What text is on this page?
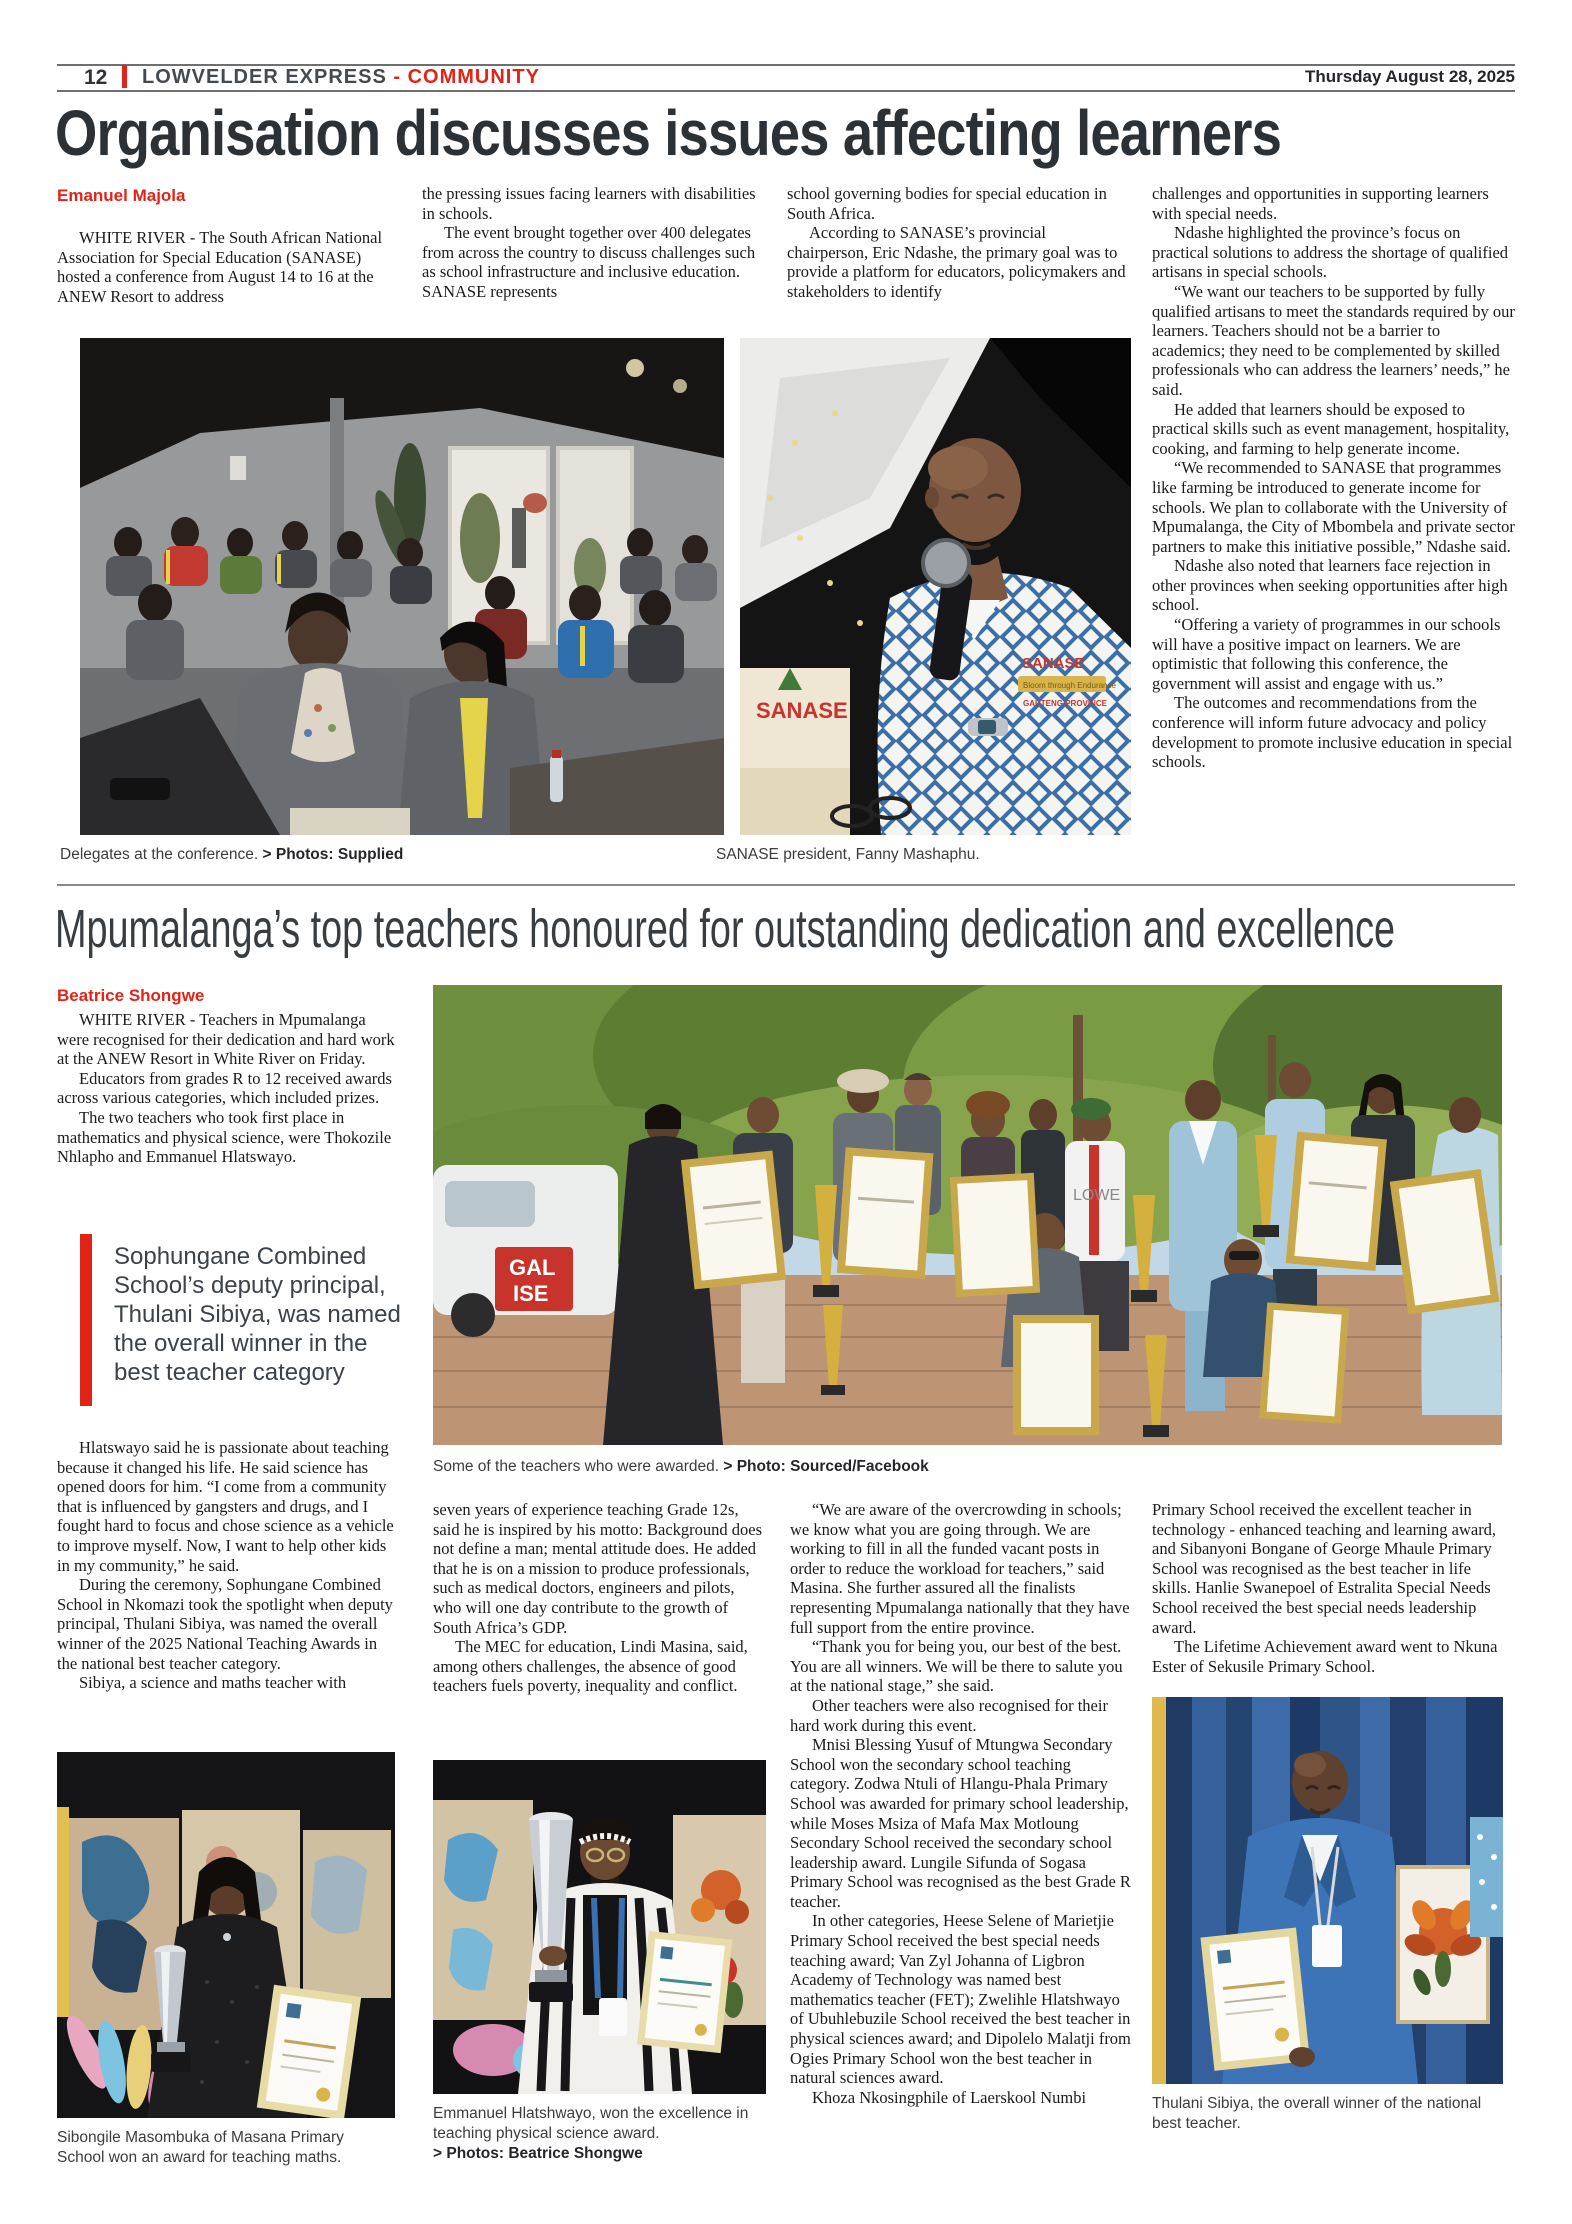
12 LOWVELDER EXPRESS - COMMUNITY	Thursday August 28, 2025
Organisation discusses issues affecting learners
Emanuel Majola

WHITE RIVER - The South African National Association for Special Education (SANASE) hosted a conference from August 14 to 16 at the ANEW Resort to address

the pressing issues facing learners with disabilities in schools.

The event brought together over 400 delegates from across the country to discuss challenges such as school infrastructure and inclusive education. SANASE represents

school governing bodies for special education in South Africa.

According to SANASE’s provincial chairperson, Eric Ndashe, the primary goal was to provide a platform for educators, policymakers and stakeholders to identify

challenges and opportunities in supporting learners with special needs.

Ndashe highlighted the province’s focus on practical solutions to address the shortage of qualified artisans in special schools.

“We want our teachers to be supported by fully qualified artisans to meet the standards required by our learners. Teachers should not be a barrier to academics; they need to be complemented by skilled professionals who can address the learners’ needs,” he said.

He added that learners should be exposed to practical skills such as event management, hospitality, cooking, and farming to help generate income.

“We recommended to SANASE that programmes like farming be introduced to generate income for schools. We plan to collaborate with the University of Mpumalanga, the City of Mbombela and private sector partners to make this initiative possible,” Ndashe said.

Ndashe also noted that learners face rejection in other provinces when seeking opportunities after high school.

“Offering a variety of programmes in our schools will have a positive impact on learners. We are optimistic that following this conference, the government will assist and engage with us.”

The outcomes and recommendations from the conference will inform future advocacy and policy development to promote inclusive education in special schools.

SANASE
SANASE
Bloom through Endurance
GAUTENG PROVINCE
Delegates at the conference. > Photos: Supplied	SANASE president, Fanny Mashaphu.
Mpumalanga’s top teachers honoured for outstanding dedication and excellence
Beatrice Shongwe

WHITE RIVER - Teachers in Mpumalanga were recognised for their dedication and hard work at the ANEW Resort in White River on Friday.

Educators from grades R to 12 received awards across various categories, which included prizes.

The two teachers who took first place in mathematics and physical science, were Thokozile Nhlapho and Emmanuel Hlatswayo.

Sophungane Combined School’s deputy principal, Thulani Sibiya, was named the overall winner in the best teacher category

Hlatswayo said he is passionate about teaching because it changed his life. He said science has opened doors for him. “I come from a community that is influenced by gangsters and drugs, and I fought hard to focus and chose science as a vehicle to improve myself. Now, I want to help other kids in my community,” he said.

During the ceremony, Sophungane Combined School in Nkomazi took the spotlight when deputy principal, Thulani Sibiya, was named the overall winner of the 2025 National Teaching Awards in the national best teacher category.

Sibiya, a science and maths teacher with

GAL
ISE
LOWE
Some of the teachers who were awarded. > Photo: Sourced/Facebook

seven years of experience teaching Grade 12s, said he is inspired by his motto: Background does not define a man; mental attitude does. He added that he is on a mission to produce professionals, such as medical doctors, engineers and pilots, who will one day contribute to the growth of South Africa’s GDP.

The MEC for education, Lindi Masina, said, among others challenges, the absence of good teachers fuels poverty, inequality and conflict.

“We are aware of the overcrowding in schools; we know what you are going through. We are working to fill in all the funded vacant posts in order to reduce the workload for teachers,” said Masina. She further assured all the finalists representing Mpumalanga nationally that they have full support from the entire province.

“Thank you for being you, our best of the best. You are all winners. We will be there to salute you at the national stage,” she said.

Other teachers were also recognised for their hard work during this event.

Mnisi Blessing Yusuf of Mtungwa Secondary School won the secondary school teaching category. Zodwa Ntuli of Hlangu-Phala Primary School was awarded for primary school leadership, while Moses Msiza of Mafa Max Motloung Secondary School received the secondary school leadership award. Lungile Sifunda of Sogasa Primary School was recognised as the best Grade R teacher.

In other categories, Heese Selene of Marietjie Primary School received the best special needs teaching award; Van Zyl Johanna of Ligbron Academy of Technology was named best mathematics teacher (FET); Zwelihle Hlatshwayo of Ubuhlebuzile School received the best teacher in physical sciences award; and Dipolelo Malatji from Ogies Primary School won the best teacher in natural sciences award.

Khoza Nkosingphile of Laerskool Numbi

Primary School received the excellent teacher in technology - enhanced teaching and learning award, and Sibanyoni Bongane of George Mhaule Primary School was recognised as the best teacher in life skills. Hanlie Swanepoel of Estralita Special Needs School received the best special needs leadership award.

The Lifetime Achievement award went to Nkuna Ester of Sekusile Primary School.

Sibongile Masombuka of Masana Primary School won an award for teaching maths.
Emmanuel Hlatshwayo, won the excellence in teaching physical science award.
> Photos: Beatrice Shongwe
Thulani Sibiya, the overall winner of the national best teacher.
